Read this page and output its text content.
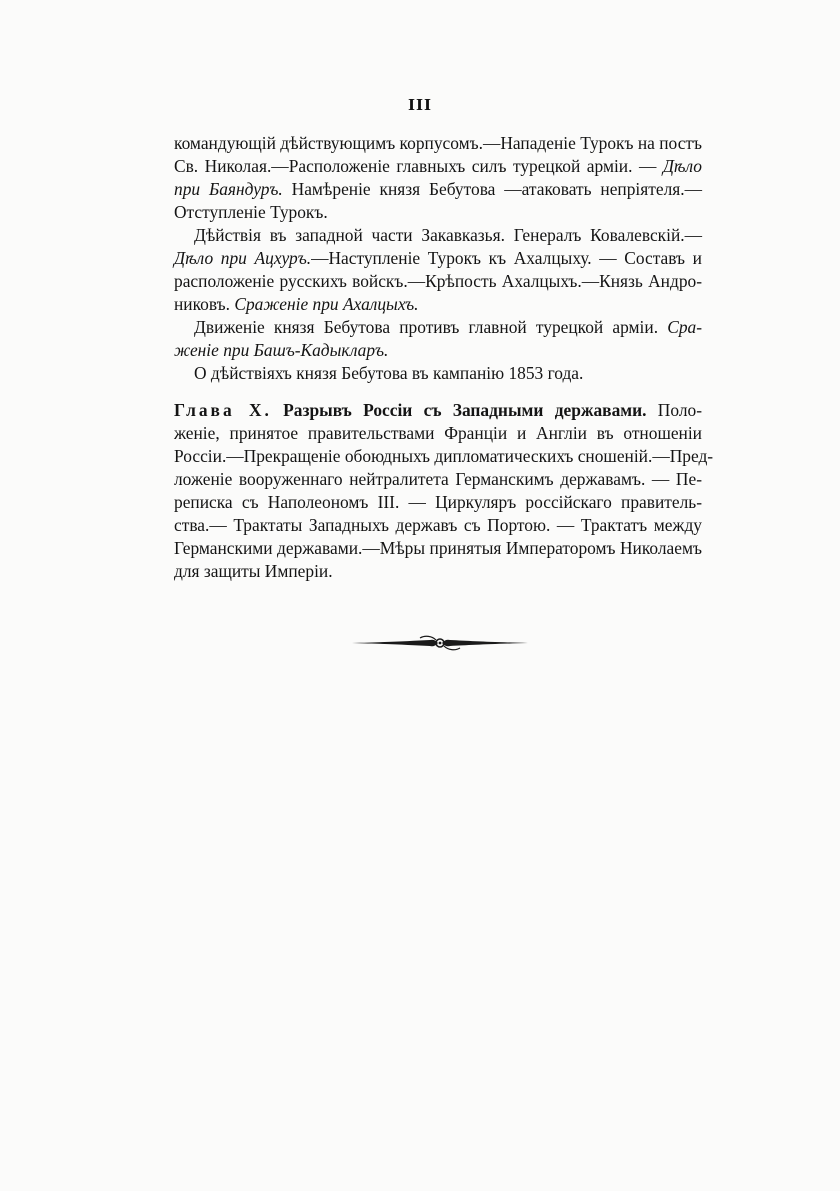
III
командующій дѣйствующимъ корпусомъ.—Нападеніе Турокъ на постъ
Св. Николая.—Расположеніе главныхъ силъ турецкой арміи. — Дѣло
при Баяндуръ. Намѣреніе князя Бебутова —атаковать непріятеля.—
Отступленіе Турокъ.
Дѣйствія въ западной части Закавказья. Генералъ Ковалевскій.—
Дѣло при Ацхуръ.—Наступленіе Турокъ къ Ахалцыху. — Составъ и
расположеніе русскихъ войскъ.—Крѣпость Ахалцыхъ.—Князь Андро-
никовъ. Сраженіе при Ахалцыхъ.
Движеніе князя Бебутова противъ главной турецкой арміи. Сра-
женіе при Башъ-Кадыкларъ.
О дѣйствіяхъ князя Бебутова въ кампанію 1853 года.
Глава X. Разрывъ Россіи съ Западными державами. Поло-
женіе, принятое правительствами Франціи и Англіи въ отношеніи
Россіи.—Прекращеніе обоюдныхъ дипломатическихъ сношеній.—Пред-
ложеніе вооруженнаго нейтралитета Германскимъ державамъ. — Пе-
реписка съ Наполеономъ III. — Циркуляръ россійскаго правитель-
ства.— Трактаты Западныхъ державъ съ Портою. — Трактатъ между
Германскими державами.—Мѣры принятыя Императоромъ Николаемъ
для защиты Имперіи.
